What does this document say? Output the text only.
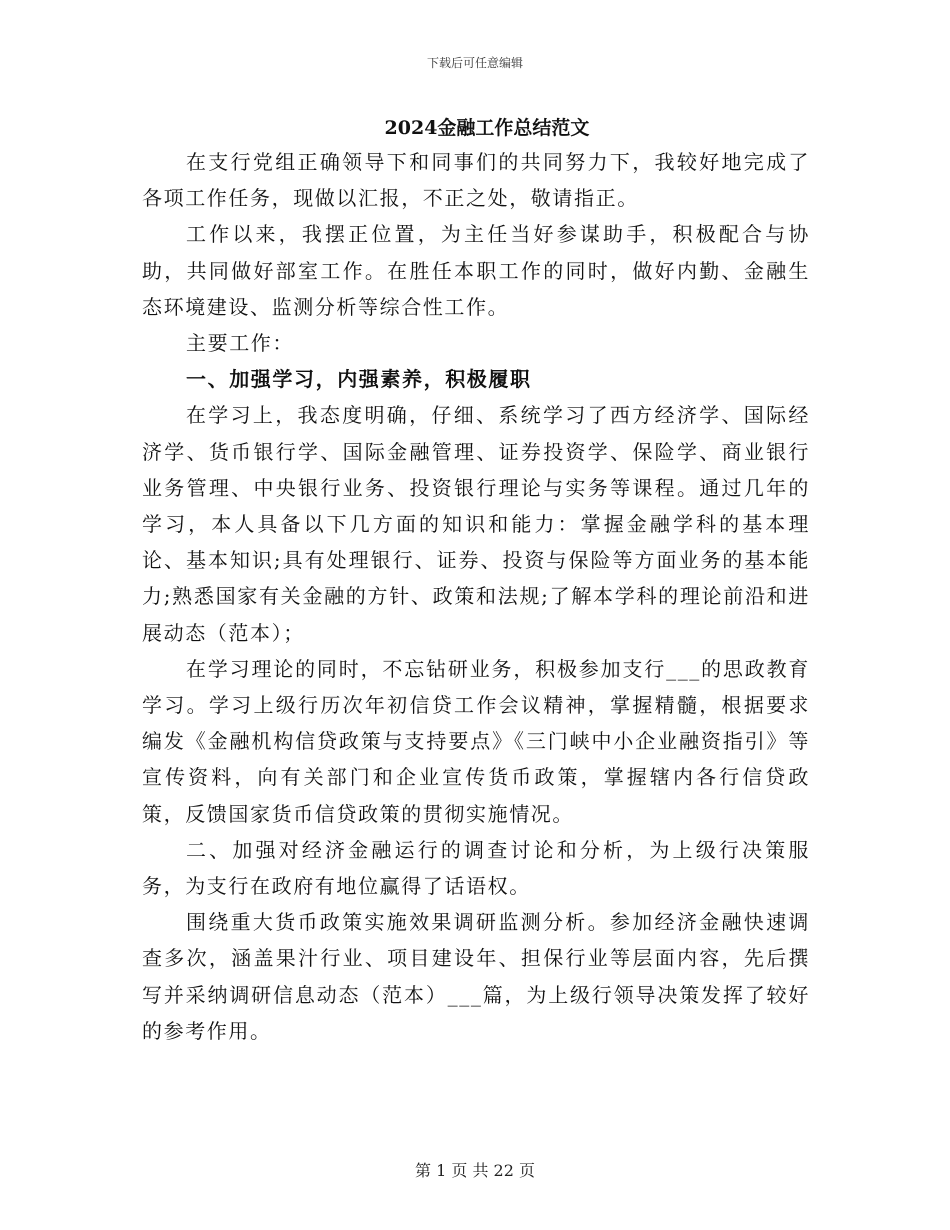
下载后可任意编辑
2024金融工作总结范文

在支行党组正确领导下和同事们的共同努力下，我较好地完成了各项工作任务，现做以汇报，不正之处，敬请指正。

工作以来，我摆正位置，为主任当好参谋助手，积极配合与协助，共同做好部室工作。在胜任本职工作的同时，做好内勤、金融生态环境建设、监测分析等综合性工作。

主要工作：

一、加强学习，内强素养，积极履职

在学习上，我态度明确，仔细、系统学习了西方经济学、国际经济学、货币银行学、国际金融管理、证券投资学、保险学、商业银行业务管理、中央银行业务、投资银行理论与实务等课程。通过几年的学习，本人具备以下几方面的知识和能力：掌握金融学科的基本理论、基本知识;具有处理银行、证券、投资与保险等方面业务的基本能力;熟悉国家有关金融的方针、政策和法规;了解本学科的理论前沿和进展动态（范本）；

在学习理论的同时，不忘钻研业务，积极参加支行___的思政教育学习。学习上级行历次年初信贷工作会议精神，掌握精髓，根据要求编发《金融机构信贷政策与支持要点》《三门峡中小企业融资指引》等宣传资料，向有关部门和企业宣传货币政策，掌握辖内各行信贷政策，反馈国家货币信贷政策的贯彻实施情况。

二、加强对经济金融运行的调查讨论和分析，为上级行决策服务，为支行在政府有地位赢得了话语权。

围绕重大货币政策实施效果调研监测分析。参加经济金融快速调查多次，涵盖果汁行业、项目建设年、担保行业等层面内容，先后撰写并采纳调研信息动态（范本）___篇，为上级行领导决策发挥了较好的参考作用。

第 1 页 共 22 页
